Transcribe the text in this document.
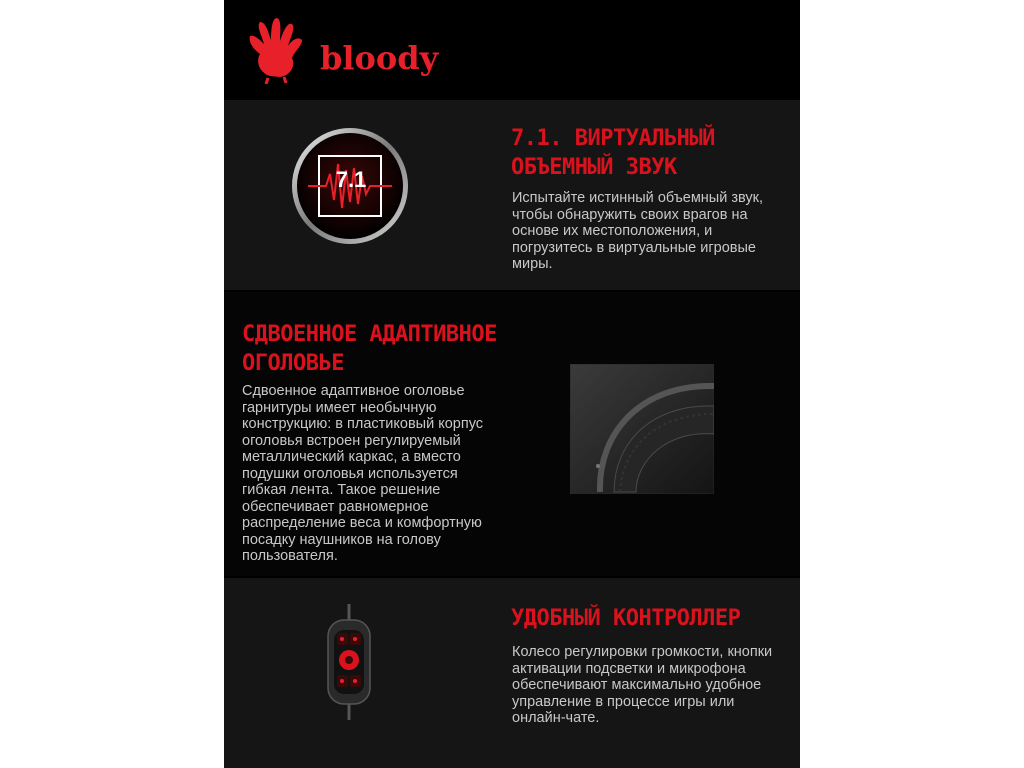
bloody
7.1
7.1. ВИРТУАЛЬНЫЙ
ОБЪЕМНЫЙ ЗВУК

Испытайте истинный объемный звук, чтобы обнаружить своих врагов на основе их местоположения, и погрузитесь в виртуальные игровые миры.

СДВОЕННОЕ АДАПТИВНОЕ
ОГОЛОВЬЕ

Сдвоенное адаптивное оголовье гарнитуры имеет необычную конструкцию: в пластиковый корпус оголовья встроен регулируемый металлический каркас, а вместо подушки оголовья используется гибкая лента. Такое решение обеспечивает равномерное распределение веса и комфортную посадку наушников на голову пользователя.

УДОБНЫЙ КОНТРОЛЛЕР

Колесо регулировки громкости, кнопки активации подсветки и микрофона обеспечивают максимально удобное управление в процессе игры или онлайн-чате.
